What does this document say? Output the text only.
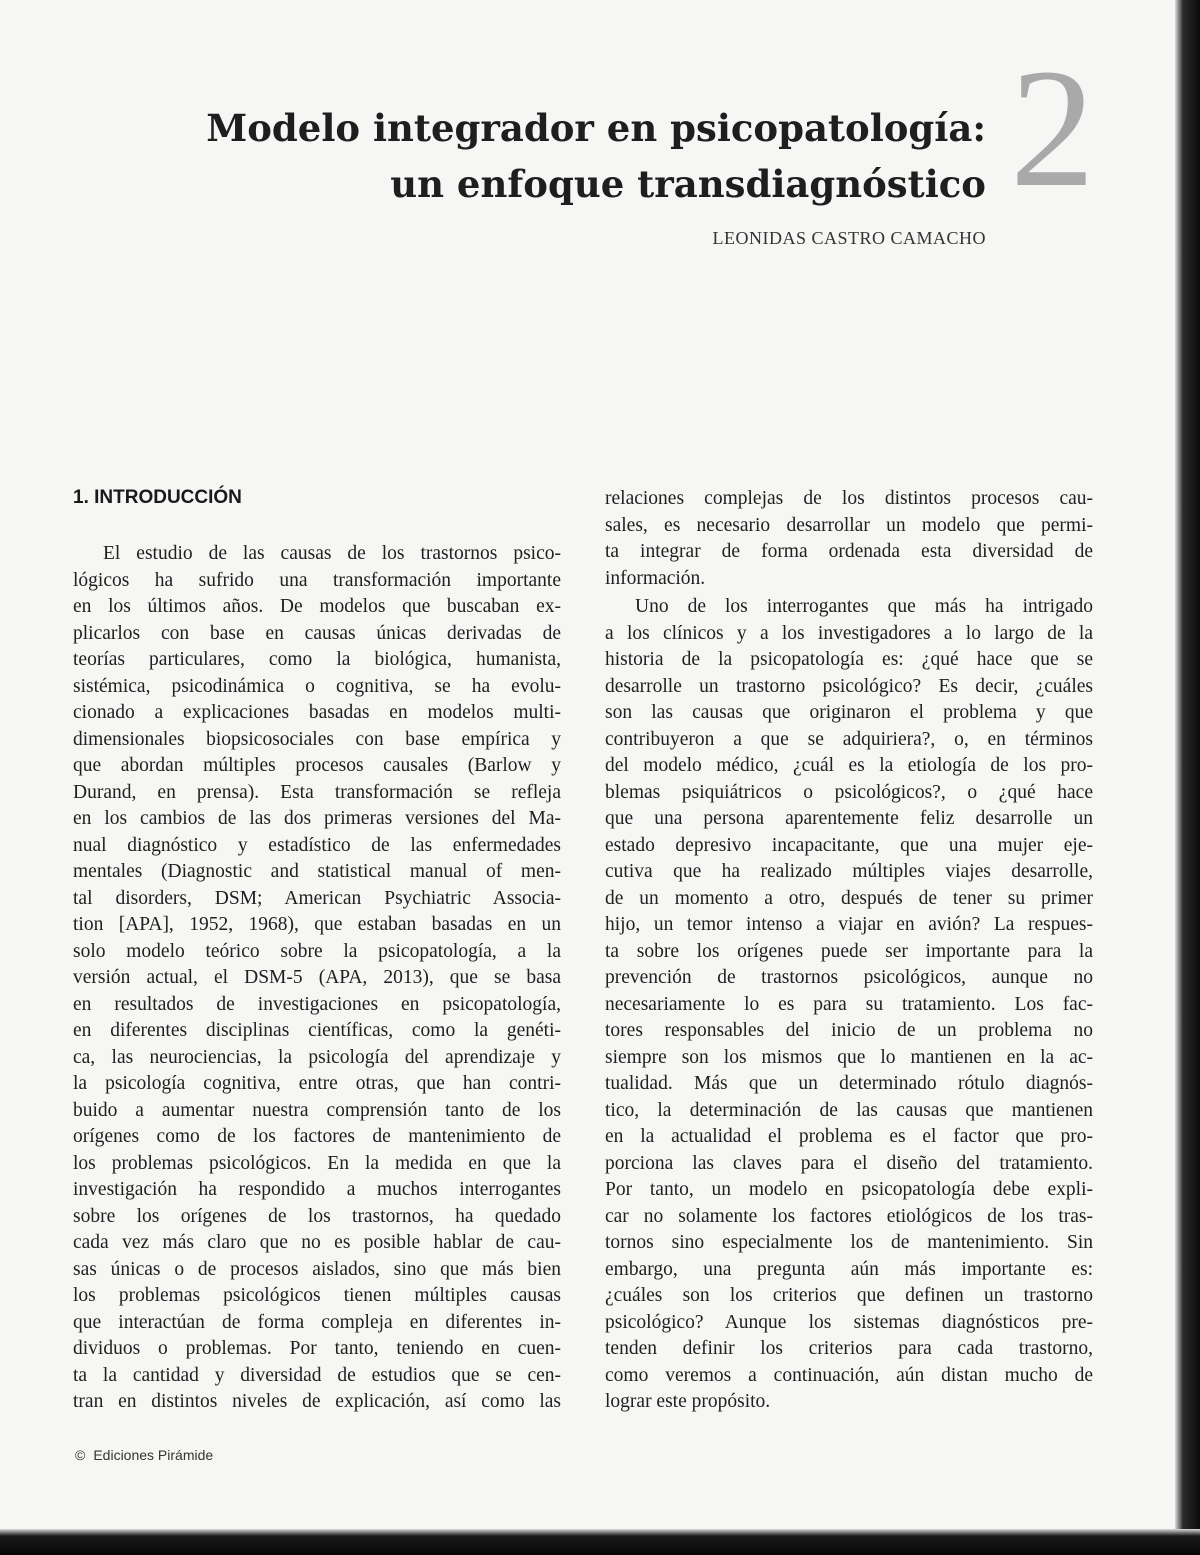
2
Modelo integrador en psicopatología:
un enfoque transdiagnóstico
LEONIDAS CASTRO CAMACHO
1. INTRODUCCIÓN
El estudio de las causas de los trastornos psico-
lógicos ha sufrido una transformación importante
en los últimos años. De modelos que buscaban ex-
plicarlos con base en causas únicas derivadas de
teorías particulares, como la biológica, humanista,
sistémica, psicodinámica o cognitiva, se ha evolu-
cionado a explicaciones basadas en modelos multi-
dimensionales biopsicosociales con base empírica y
que abordan múltiples procesos causales (Barlow y
Durand, en prensa). Esta transformación se refleja
en los cambios de las dos primeras versiones del Ma-
nual diagnóstico y estadístico de las enfermedades
mentales (Diagnostic and statistical manual of men-
tal disorders, DSM; American Psychiatric Associa-
tion [APA], 1952, 1968), que estaban basadas en un
solo modelo teórico sobre la psicopatología, a la
versión actual, el DSM-5 (APA, 2013), que se basa
en resultados de investigaciones en psicopatología,
en diferentes disciplinas científicas, como la genéti-
ca, las neurociencias, la psicología del aprendizaje y
la psicología cognitiva, entre otras, que han contri-
buido a aumentar nuestra comprensión tanto de los
orígenes como de los factores de mantenimiento de
los problemas psicológicos. En la medida en que la
investigación ha respondido a muchos interrogantes
sobre los orígenes de los trastornos, ha quedado
cada vez más claro que no es posible hablar de cau-
sas únicas o de procesos aislados, sino que más bien
los problemas psicológicos tienen múltiples causas
que interactúan de forma compleja en diferentes in-
dividuos o problemas. Por tanto, teniendo en cuen-
ta la cantidad y diversidad de estudios que se cen-
tran en distintos niveles de explicación, así como las
relaciones complejas de los distintos procesos cau-
sales, es necesario desarrollar un modelo que permi-
ta integrar de forma ordenada esta diversidad de
información.
Uno de los interrogantes que más ha intrigado
a los clínicos y a los investigadores a lo largo de la
historia de la psicopatología es: ¿qué hace que se
desarrolle un trastorno psicológico? Es decir, ¿cuáles
son las causas que originaron el problema y que
contribuyeron a que se adquiriera?, o, en términos
del modelo médico, ¿cuál es la etiología de los pro-
blemas psiquiátricos o psicológicos?, o ¿qué hace
que una persona aparentemente feliz desarrolle un
estado depresivo incapacitante, que una mujer eje-
cutiva que ha realizado múltiples viajes desarrolle,
de un momento a otro, después de tener su primer
hijo, un temor intenso a viajar en avión? La respues-
ta sobre los orígenes puede ser importante para la
prevención de trastornos psicológicos, aunque no
necesariamente lo es para su tratamiento. Los fac-
tores responsables del inicio de un problema no
siempre son los mismos que lo mantienen en la ac-
tualidad. Más que un determinado rótulo diagnós-
tico, la determinación de las causas que mantienen
en la actualidad el problema es el factor que pro-
porciona las claves para el diseño del tratamiento.
Por tanto, un modelo en psicopatología debe expli-
car no solamente los factores etiológicos de los tras-
tornos sino especialmente los de mantenimiento. Sin
embargo, una pregunta aún más importante es:
¿cuáles son los criterios que definen un trastorno
psicológico? Aunque los sistemas diagnósticos pre-
tenden definir los criterios para cada trastorno,
como veremos a continuación, aún distan mucho de
lograr este propósito.
© Ediciones Pirámide
